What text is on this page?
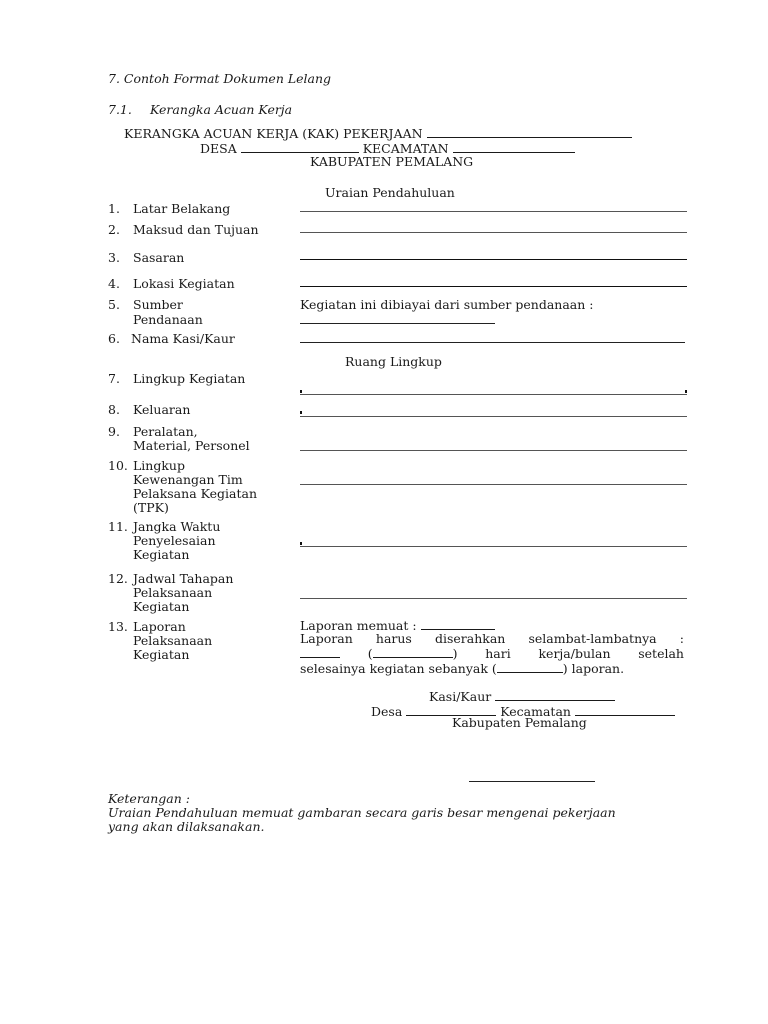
7. Contoh Format Dokumen Lelang
7.1. Kerangka Acuan Kerja
KERANGKA ACUAN KERJA (KAK) PEKERJAAN
DESA	KECAMATAN
KABUPATEN PEMALANG
Uraian Pendahuluan
1. Latar Belakang
2. Maksud dan Tujuan
3. Sasaran
4. Lokasi Kegiatan
5. Sumber
Pendanaan
Kegiatan ini dibiayai dari sumber pendanaan :
6. Nama Kasi/Kaur
Ruang Lingkup
7. Lingkup Kegiatan
8. Keluaran
9. Peralatan,
Material, Personel
10. Lingkup
Kewenangan Tim
Pelaksana Kegiatan
(TPK)
11. Jangka Waktu
Penyelesaian
Kegiatan
12. Jadwal Tahapan
Pelaksanaan
Kegiatan
13. Laporan
Pelaksanaan
Kegiatan
Laporan memuat :
Laporan harus diserahkan selambat-lambatnya :
(	) hari kerja/bulan setelah
selesainya kegiatan sebanyak (	) laporan.
Kasi/Kaur
Desa	Kecamatan
Kabupaten Pemalang
Keterangan :
Uraian Pendahuluan memuat gambaran secara garis besar mengenai pekerjaan
yang akan dilaksanakan.
